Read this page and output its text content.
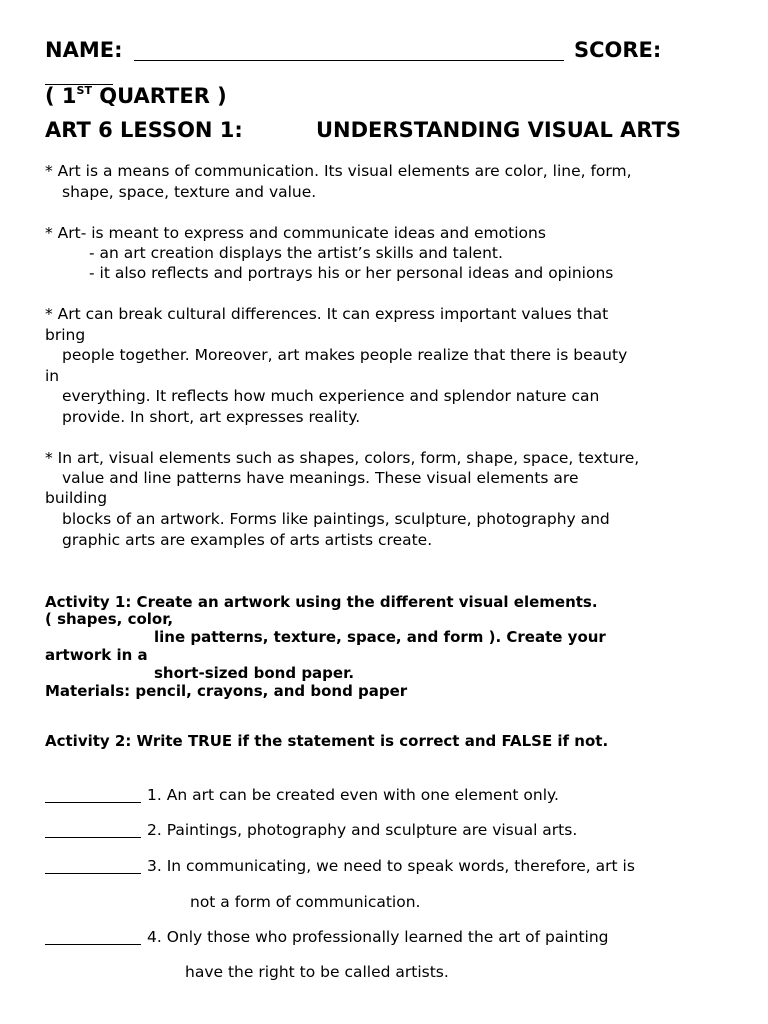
NAME:	SCORE:
( 1ST QUARTER )
ART 6 LESSON 1:	UNDERSTANDING VISUAL ARTS
* Art is a means of communication. Its visual elements are color, line, form,
shape, space, texture and value.
* Art- is meant to express and communicate ideas and emotions
- an art creation displays the artist’s skills and talent.
- it also reflects and portrays his or her personal ideas and opinions
* Art can break cultural differences. It can express important values that
bring
people together. Moreover, art makes people realize that there is beauty
in
everything. It reflects how much experience and splendor nature can
provide. In short, art expresses reality.
* In art, visual elements such as shapes, colors, form, shape, space, texture,
value and line patterns have meanings. These visual elements are
building
blocks of an artwork. Forms like paintings, sculpture, photography and
graphic arts are examples of arts artists create.
Activity 1: Create an artwork using the different visual elements.
( shapes, color,
line patterns, texture, space, and form ). Create your
artwork in a
short-sized bond paper.
Materials: pencil, crayons, and bond paper
Activity 2: Write TRUE if the statement is correct and FALSE if not.
1. An art can be created even with one element only.
2. Paintings, photography and sculpture are visual arts.
3. In communicating, we need to speak words, therefore, art is
not a form of communication.
4. Only those who professionally learned the art of painting
have the right to be called artists.
